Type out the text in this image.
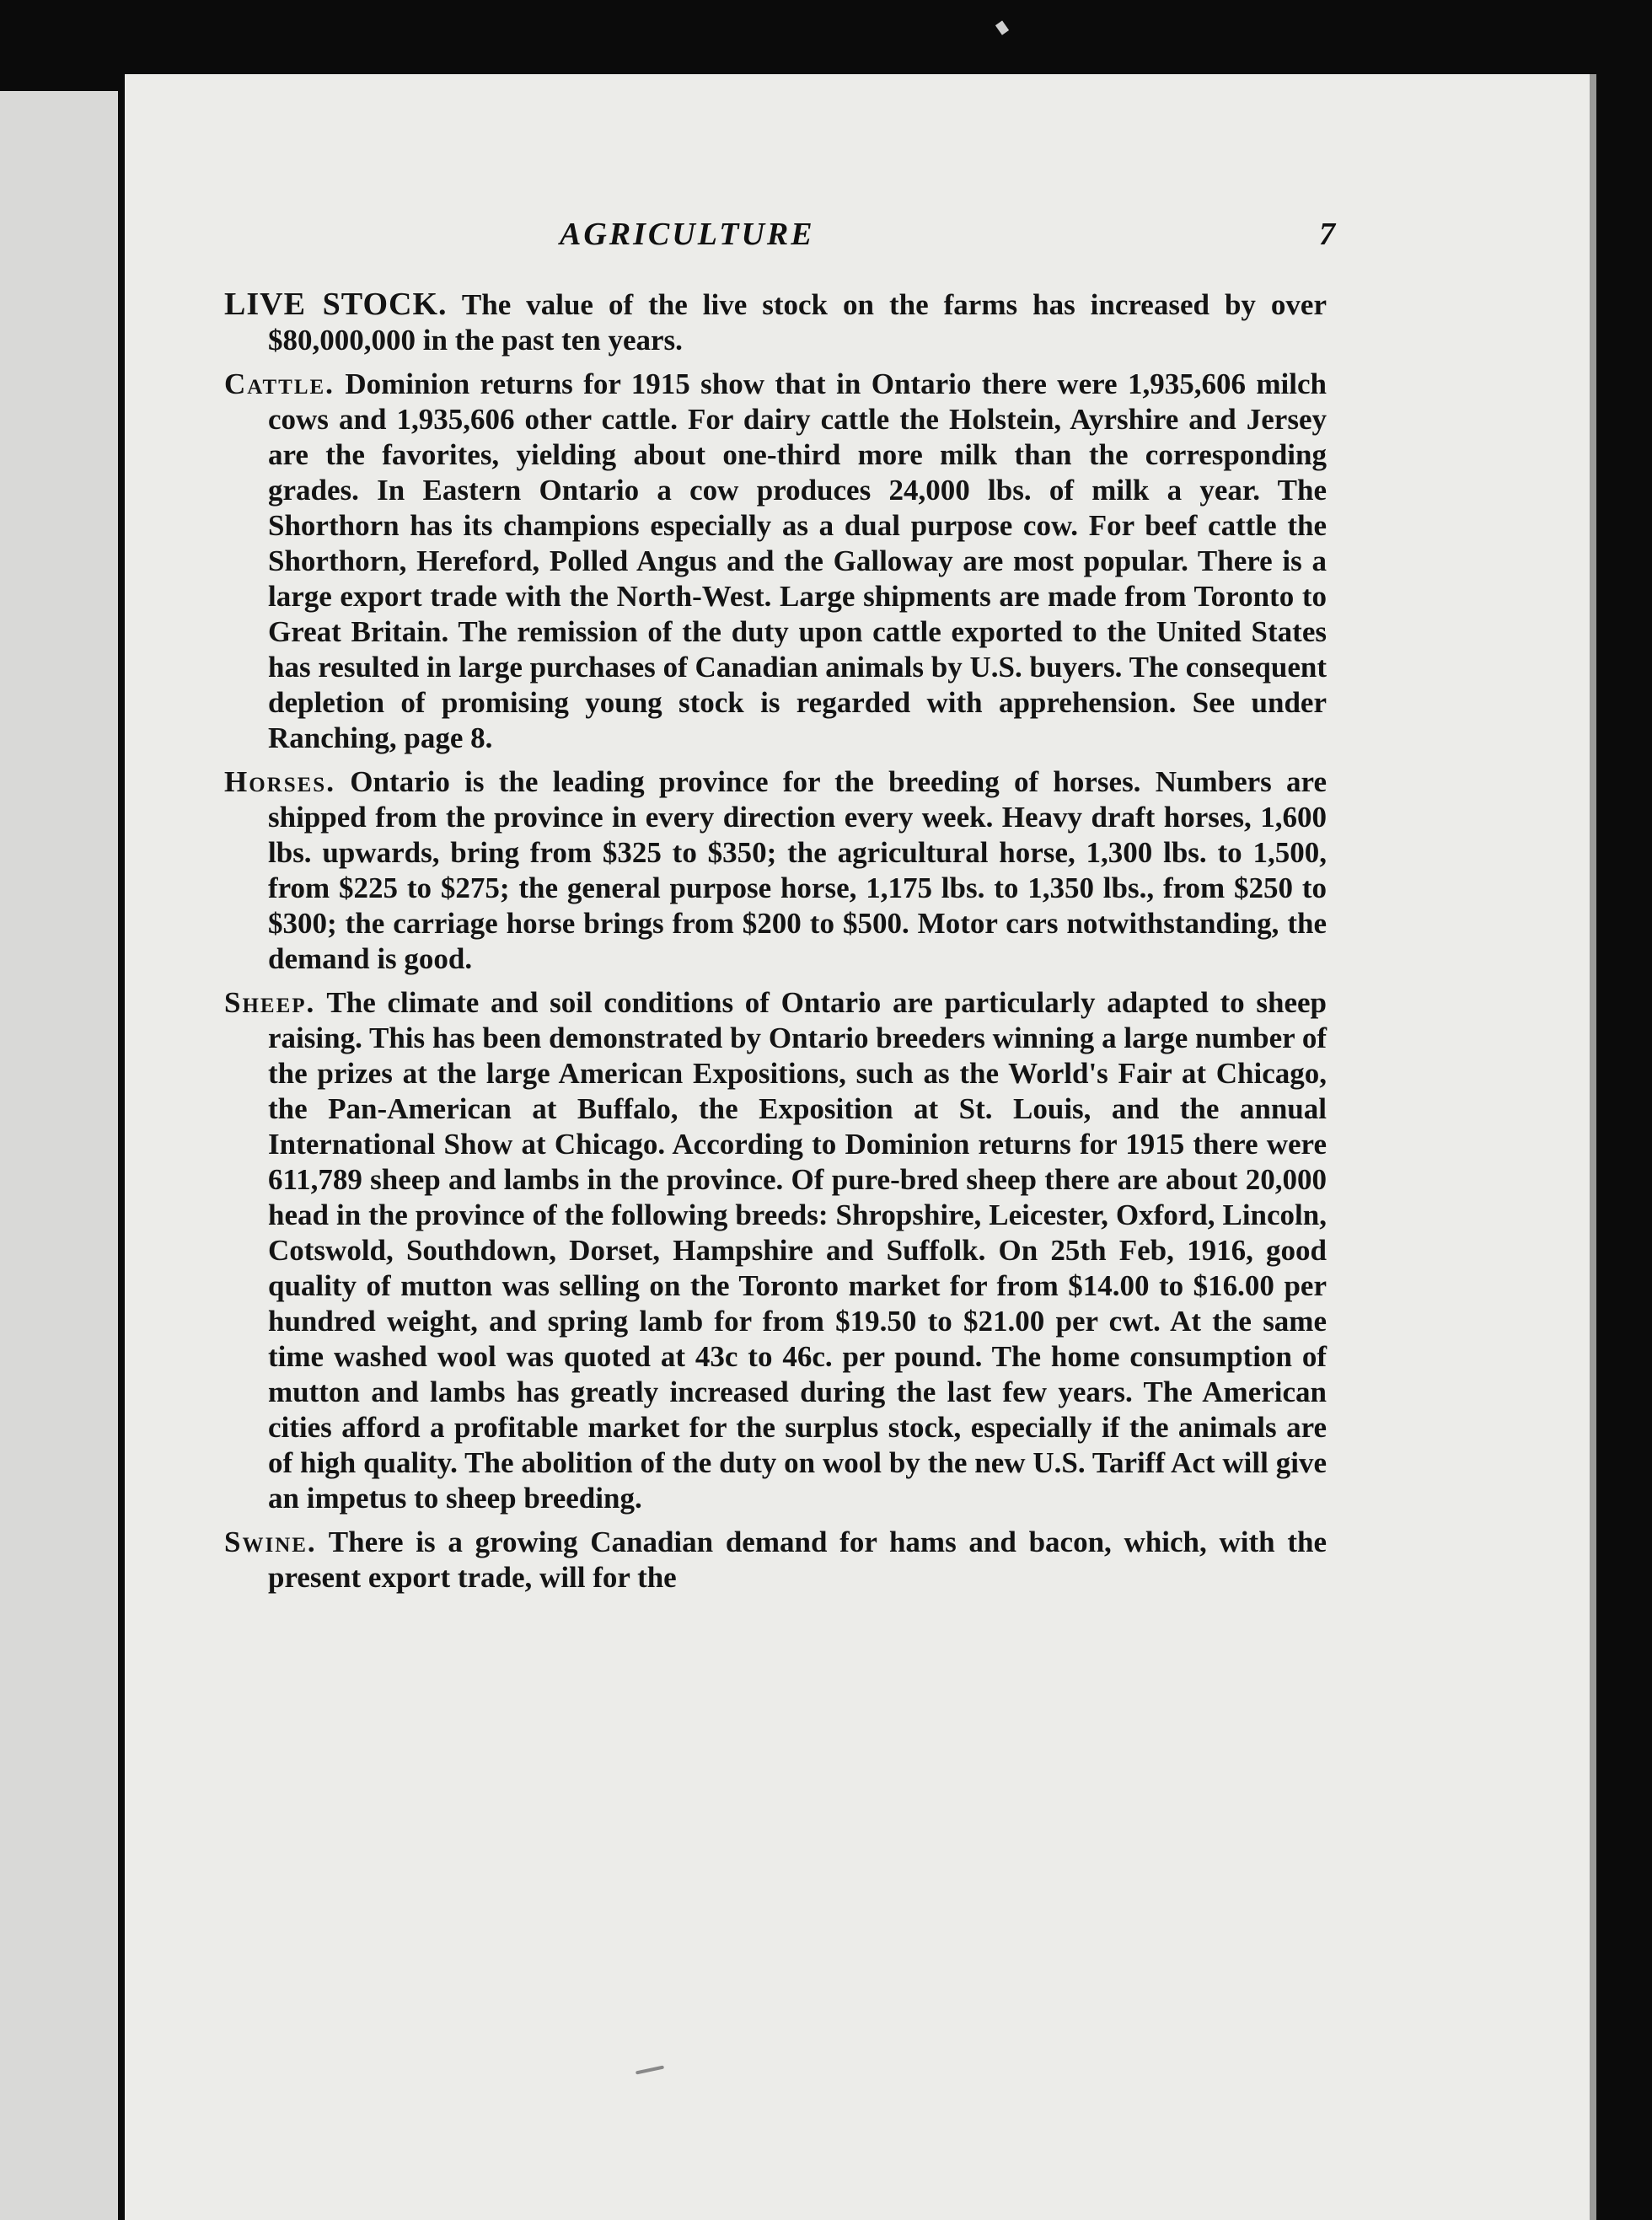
AGRICULTURE	7

LIVE STOCK. The value of the live stock on the farms has increased by over $80,000,000 in the past ten years.

Cattle. Dominion returns for 1915 show that in Ontario there were 1,935,606 milch cows and 1,935,606 other cattle. For dairy cattle the Holstein, Ayrshire and Jersey are the favorites, yielding about one-third more milk than the corresponding grades. In Eastern Ontario a cow produces 24,000 lbs. of milk a year. The Shorthorn has its champions especially as a dual purpose cow. For beef cattle the Shorthorn, Hereford, Polled Angus and the Galloway are most popular. There is a large export trade with the North-West. Large shipments are made from Toronto to Great Britain. The remission of the duty upon cattle exported to the United States has resulted in large purchases of Canadian animals by U.S. buyers. The consequent depletion of promising young stock is regarded with apprehension. See under Ranching, page 8.

Horses. Ontario is the leading province for the breeding of horses. Numbers are shipped from the province in every direction every week. Heavy draft horses, 1,600 lbs. upwards, bring from $325 to $350; the agricultural horse, 1,300 lbs. to 1,500, from $225 to $275; the general purpose horse, 1,175 lbs. to 1,350 lbs., from $250 to $300; the carriage horse brings from $200 to $500. Motor cars notwithstanding, the demand is good.

Sheep. The climate and soil conditions of Ontario are particularly adapted to sheep raising. This has been demonstrated by Ontario breeders winning a large number of the prizes at the large American Expositions, such as the World's Fair at Chicago, the Pan-American at Buffalo, the Exposition at St. Louis, and the annual International Show at Chicago. According to Dominion returns for 1915 there were 611,789 sheep and lambs in the province. Of pure-bred sheep there are about 20,000 head in the province of the following breeds: Shropshire, Leicester, Oxford, Lincoln, Cotswold, Southdown, Dorset, Hampshire and Suffolk. On 25th Feb, 1916, good quality of mutton was selling on the Toronto market for from $14.00 to $16.00 per hundred weight, and spring lamb for from $19.50 to $21.00 per cwt. At the same time washed wool was quoted at 43c to 46c. per pound. The home consumption of mutton and lambs has greatly increased during the last few years. The American cities afford a profitable market for the surplus stock, especially if the animals are of high quality. The abolition of the duty on wool by the new U.S. Tariff Act will give an impetus to sheep breeding.

Swine. There is a growing Canadian demand for hams and bacon, which, with the present export trade, will for the
